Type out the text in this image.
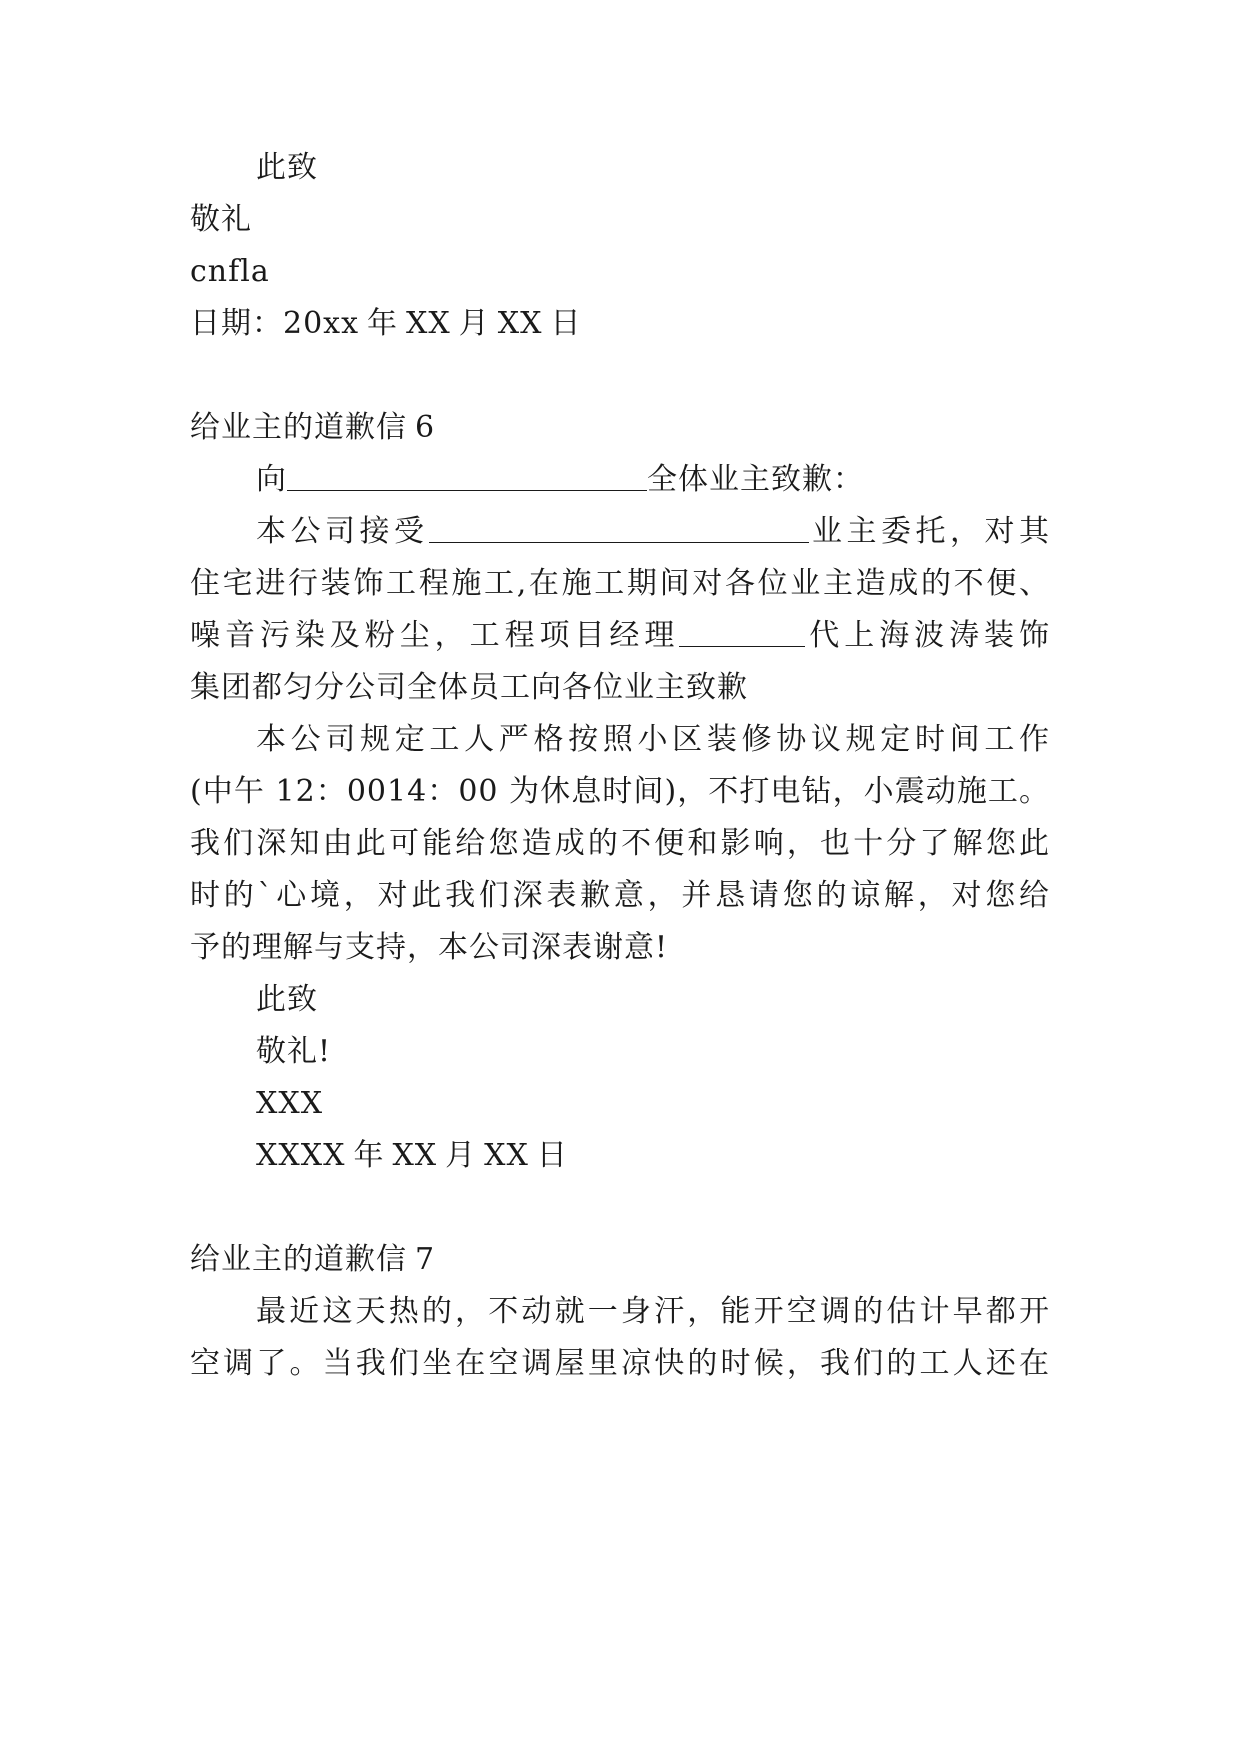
此致
敬礼
cnfla
日期：20xx 年 XX 月 XX 日
给业主的道歉信 6
向	全体业主致歉：
本公司接受	业主委托，对其
住宅进行装饰工程施工,在施工期间对各位业主造成的不便、
噪音污染及粉尘，工程项目经理	代上海波涛装饰
集团都匀分公司全体员工向各位业主致歉
本公司规定工人严格按照小区装修协议规定时间工作
(中午 12：0014：00 为休息时间)，不打电钻，小震动施工。
我们深知由此可能给您造成的不便和影响，也十分了解您此
时的`心境，对此我们深表歉意，并恳请您的谅解，对您给
予的理解与支持，本公司深表谢意!
此致
敬礼!
XXX
XXXX 年 XX 月 XX 日
给业主的道歉信 7
最近这天热的，不动就一身汗，能开空调的估计早都开
空调了。当我们坐在空调屋里凉快的时候，我们的工人还在
